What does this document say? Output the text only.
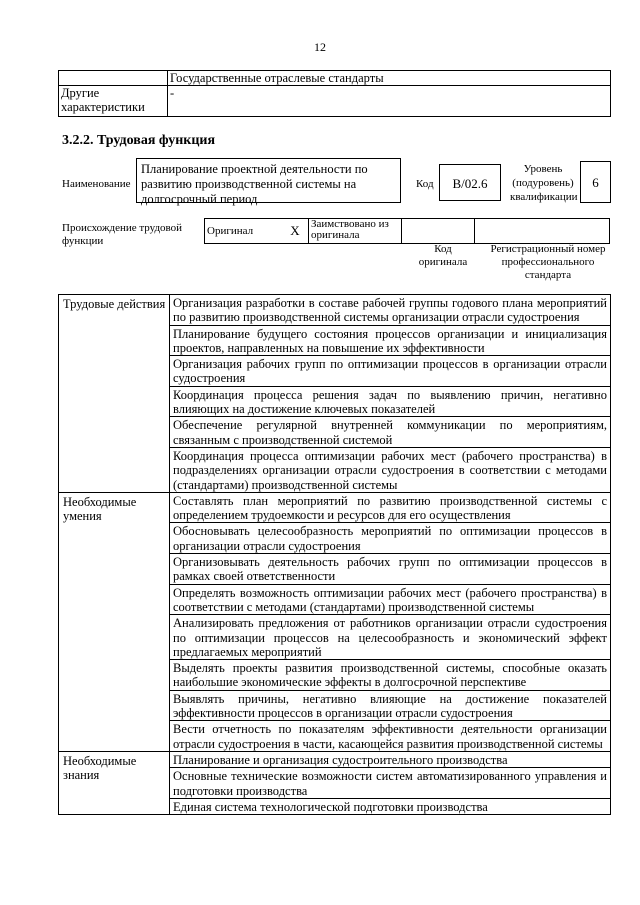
12
	Государственные отраслевые стандарты
Другие характеристики	-
3.2.2. Трудовая функция
Наименование
Планирование проектной деятельности по развитию производственной системы на долгосрочный период
Код	B/02.6
Уровень (подуровень) квалификации
6
Происхождение трудовой функции
Оригинал	X	Заимствовано из оригинала		
Код оригинала
Регистрационный номер профессионального стандарта
Трудовые действия	Организация разработки в составе рабочей группы годового плана мероприятий по развитию производственной системы организации отрасли судостроения
	Планирование будущего состояния процессов организации и инициализация проектов, направленных на повышение их эффективности
	Организация рабочих групп по оптимизации процессов в организации отрасли судостроения
	Координация процесса решения задач по выявлению причин, негативно влияющих на достижение ключевых показателей
	Обеспечение регулярной внутренней коммуникации по мероприятиям, связанным с производственной системой
	Координация процесса оптимизации рабочих мест (рабочего пространства) в подразделениях организации отрасли судостроения в соответствии с методами (стандартами) производственной системы
Необходимые умения	Составлять план мероприятий по развитию производственной системы с определением трудоемкости и ресурсов для его осуществления
	Обосновывать целесообразность мероприятий по оптимизации процессов в организации отрасли судостроения
	Организовывать деятельность рабочих групп по оптимизации процессов в рамках своей ответственности
	Определять возможность оптимизации рабочих мест (рабочего пространства) в соответствии с методами (стандартами) производственной системы
	Анализировать предложения от работников организации отрасли судостроения по оптимизации процессов на целесообразность и экономический эффект предлагаемых мероприятий
	Выделять проекты развития производственной системы, способные оказать наибольшие экономические эффекты в долгосрочной перспективе
	Выявлять причины, негативно влияющие на достижение показателей эффективности процессов в организации отрасли судостроения
	Вести отчетность по показателям эффективности деятельности организации отрасли судостроения в части, касающейся развития производственной системы
Необходимые знания	Планирование и организация судостроительного производства
	Основные технические возможности систем автоматизированного управления и подготовки производства
	Единая система технологической подготовки производства
